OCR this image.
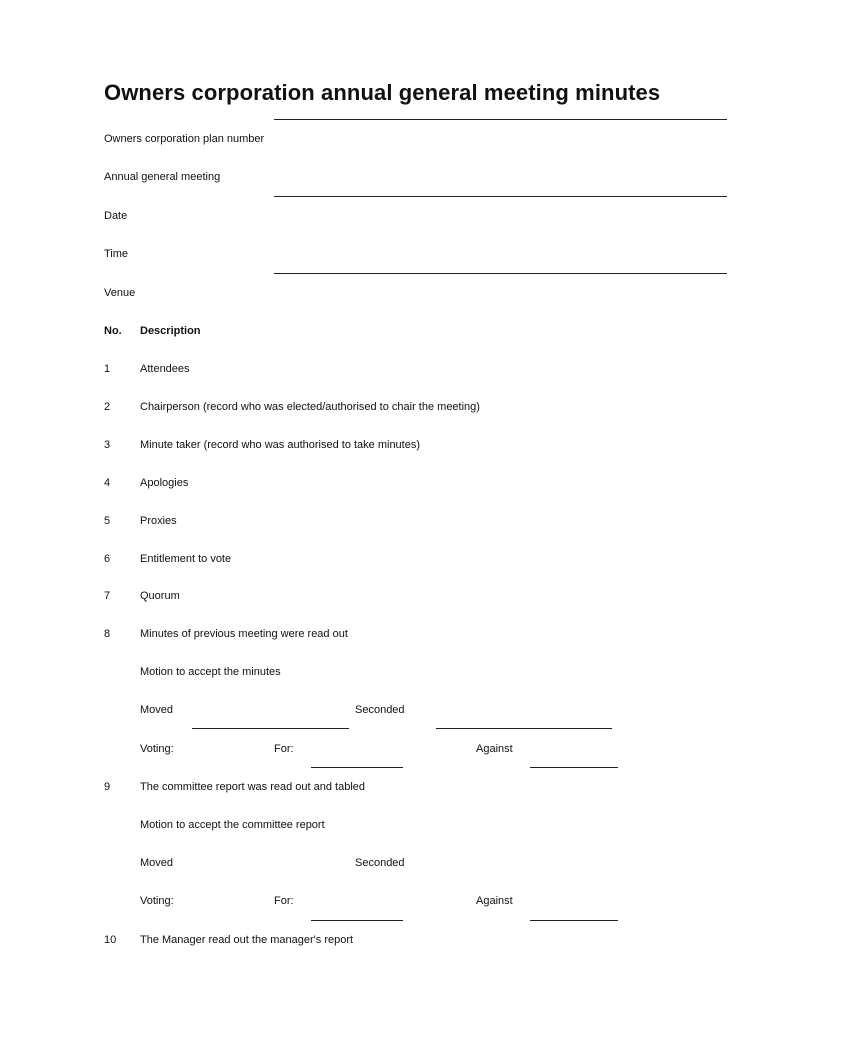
Owners corporation annual general meeting minutes
Owners corporation plan number
Annual general meeting
Date
Time
Venue
No. Description
1	Attendees
2	Chairperson (record who was elected/authorised to chair the meeting)
3	Minute taker (record who was authorised to take minutes)
4	Apologies
5	Proxies
6	Entitlement to vote
7	Quorum
8	Minutes of previous meeting were read out
Motion to accept the minutes
Moved	Seconded
Voting:	For:	Against
9	The committee report was read out and tabled
Motion to accept the committee report
Moved	Seconded
Voting:	For:	Against
10 The Manager read out the manager's report
